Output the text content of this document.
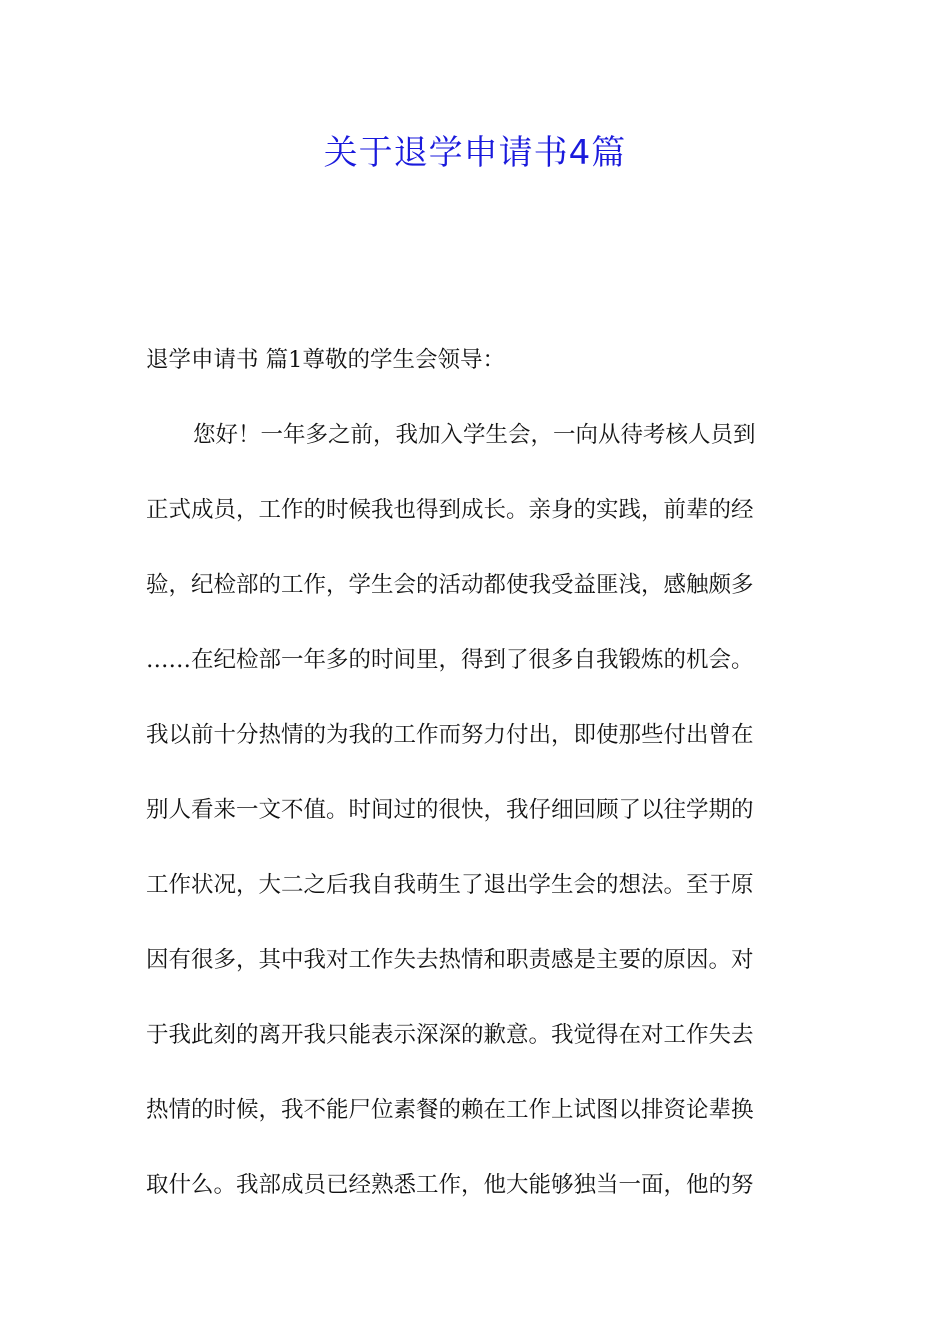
关于退学申请书4篇

退学申请书 篇1尊敬的学生会领导：

您好！一年多之前，我加入学生会，一向从待考核人员到

正式成员，工作的时候我也得到成长。亲身的实践，前辈的经

验，纪检部的工作，学生会的活动都使我受益匪浅，感触颇多

……在纪检部一年多的时间里，得到了很多自我锻炼的机会。

我以前十分热情的为我的工作而努力付出，即使那些付出曾在

别人看来一文不值。时间过的很快，我仔细回顾了以往学期的

工作状况，大二之后我自我萌生了退出学生会的想法。至于原

因有很多，其中我对工作失去热情和职责感是主要的原因。对

于我此刻的离开我只能表示深深的歉意。我觉得在对工作失去

热情的时候，我不能尸位素餐的赖在工作上试图以排资论辈换

取什么。我部成员已经熟悉工作，他大能够独当一面，他的努
